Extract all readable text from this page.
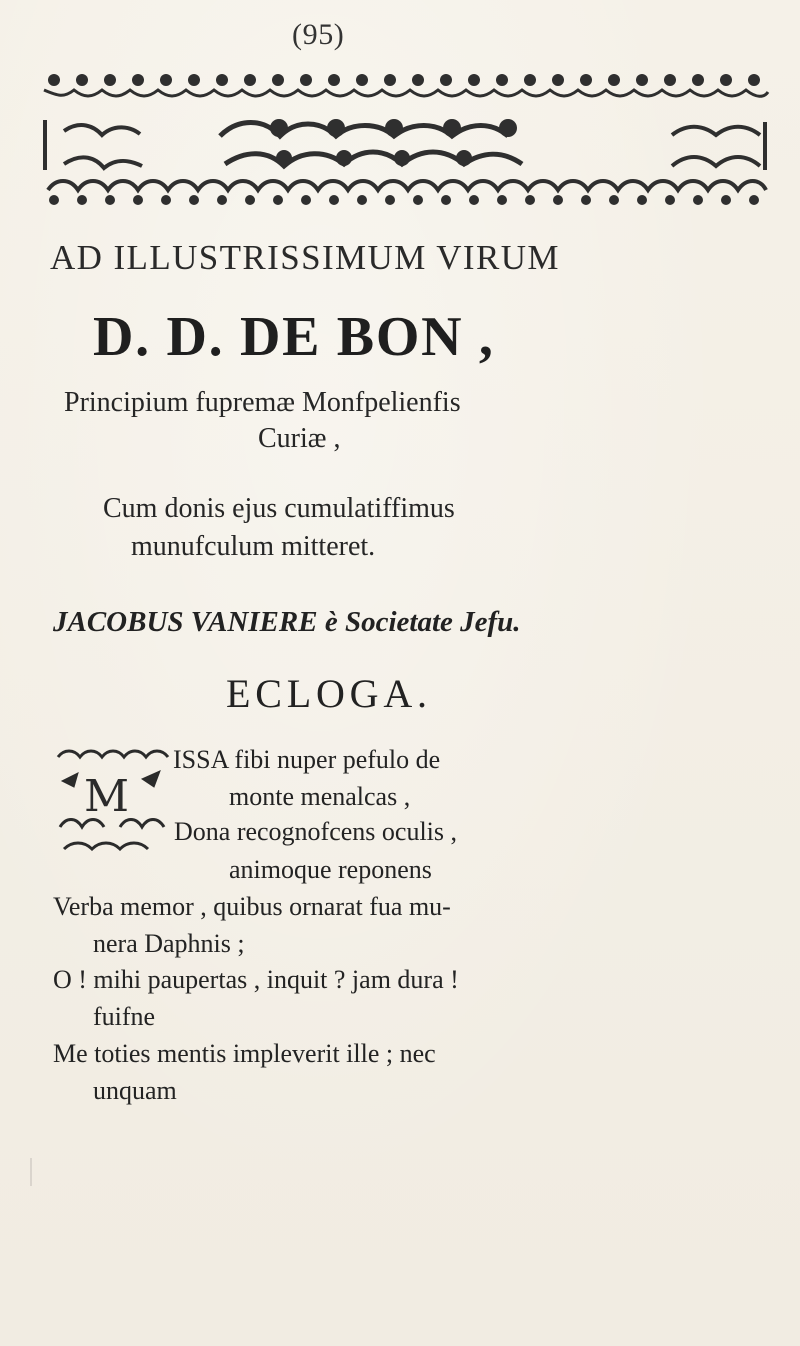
(95)
AD ILLUSTRISSIMUM VIRUM
D. D. DE BON ,
Principium fupremæ Monfpelienfis
Curiæ ,
Cum donis ejus cumulatiffimus
munufculum mitteret.
JACOBUS VANIERE è Societate Jefu.
ECLOGA.
M
ISSA fibi nuper pefulo de
monte menalcas ,
Dona recognofcens oculis ,
animoque reponens
Verba memor , quibus ornarat fua mu-
nera Daphnis ;
O ! mihi paupertas , inquit ? jam dura !
fuifne
Me toties mentis impleverit ille ; nec
unquam
